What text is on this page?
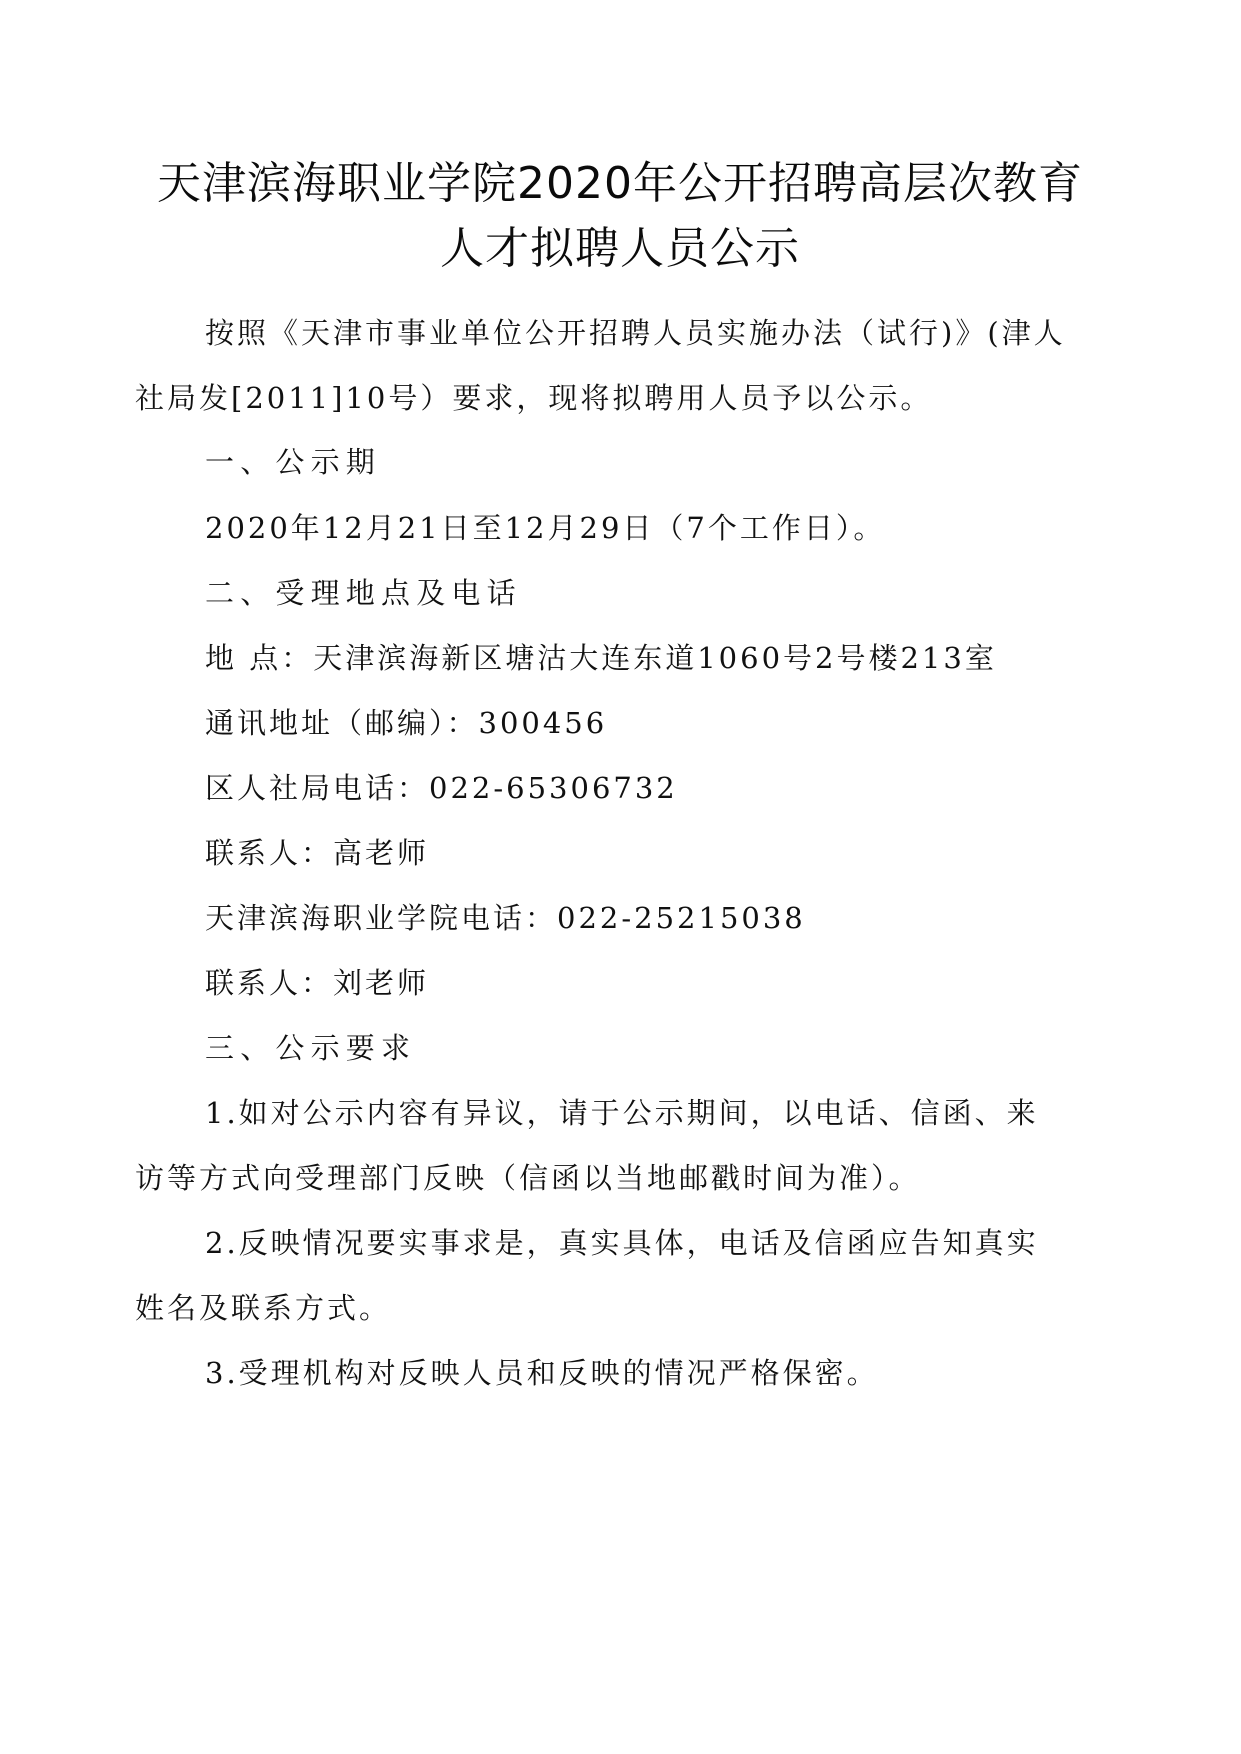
天津滨海职业学院2020年公开招聘高层次教育
人才拟聘人员公示
按照《天津市事业单位公开招聘人员实施办法（试行)》(津人
社局发[2011]10号）要求，现将拟聘用人员予以公示。
一、公示期
2020年12月21日至12月29日（7个工作日）。
二、受理地点及电话
地 点：天津滨海新区塘沽大连东道1060号2号楼213室
通讯地址（邮编）：300456
区人社局电话：022-65306732
联系人：高老师
天津滨海职业学院电话：022-25215038
联系人：刘老师
三、公示要求
1.如对公示内容有异议，请于公示期间，以电话、信函、来
访等方式向受理部门反映（信函以当地邮戳时间为准）。
2.反映情况要实事求是，真实具体，电话及信函应告知真实
姓名及联系方式。
3.受理机构对反映人员和反映的情况严格保密。
